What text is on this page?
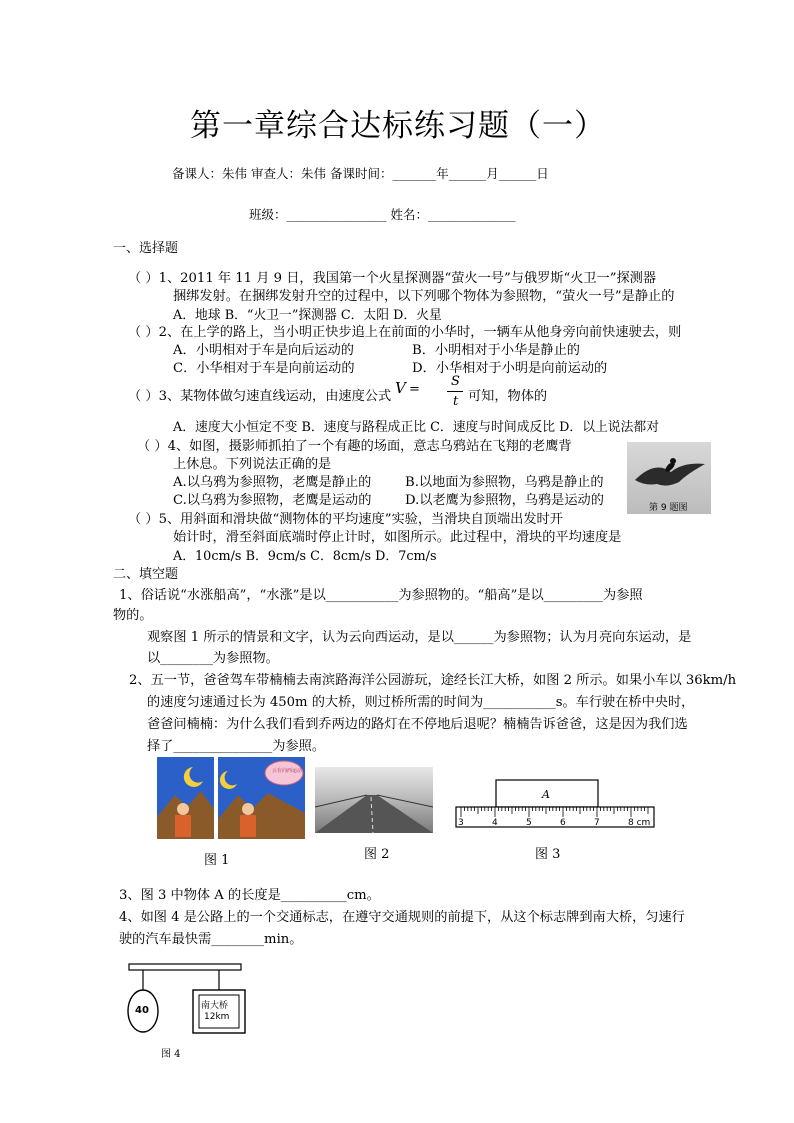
第一章综合达标练习题（一）
备课人：朱伟 审查人：朱伟 备课时间：_______年______月______日
班级：________________ 姓名：______________
一、选择题
（ ）1、2011 年 11 月 9 日，我国第一个火星探测器“萤火一号”与俄罗斯“火卫一”探测器
捆绑发射。在捆绑发射升空的过程中，以下列哪个物体为参照物，“萤火一号”是静止的
A．地球 B．“火卫一”探测器 C．太阳 D．火星
（ ）2、在上学的路上，当小明正快步追上在前面的小华时，一辆车从他身旁向前快速驶去，则
A．小明相对于车是向后运动的	B．小明相对于小华是静止的
C．小华相对于车是向前运动的	D．小华相对于小明是向前运动的
（ ）3、某物体做匀速直线运动，由速度公式 V =
S
t 可知，物体的
A．速度大小恒定不变 B．速度与路程成正比 C．速度与时间成反比 D．以上说法都对
（ ）4、如图，摄影师抓拍了一个有趣的场面，意志乌鸦站在飞翔的老鹰背
上休息。下列说法正确的是
A.以乌鸦为参照物，老鹰是静止的	B.以地面为参照物，乌鸦是静止的
C.以乌鸦为参照物，老鹰是运动的	D.以老鹰为参照物，乌鸦是运动的	第 9 题图
（ ）5、用斜面和滑块做“测物体的平均速度”实验，当滑块自顶端出发时开
始计时，滑至斜面底端时停止计时，如图所示。此过程中，滑块的平均速度是
A．10cm/s B．9cm/s C．8cm/s D．7cm/s
二、填空题
1、俗话说“水涨船高”，“水涨”是以___________为参照物的。“船高”是以_________为参照
物的。
观察图 1 所示的情景和文字，认为云向西运动，是以______为参照物；认为月亮向东运动，是
以________为参照物。
2、五一节，爸爸驾车带楠楠去南滨路海洋公园游玩，途经长江大桥，如图 2 所示。如果小车以 36km/h
的速度匀速通过长为 450m 的大桥，则过桥所需的时间为___________s。车行驶在桥中央时，
爸爸问楠楠：为什么我们看到乔两边的路灯在不停地后退呢？楠楠告诉爸爸，这是因为我们选
择了_______________为参照。
云在向西运动
图 1	图 2
A
3	4	5	6	7	8 cm
图 3
3、图 3 中物体 A 的长度是__________cm。
4、如图 4 是公路上的一个交通标志，在遵守交通规则的前提下，从这个标志牌到南大桥，匀速行
驶的汽车最快需________min。
40	南大桥
12km
图 4
